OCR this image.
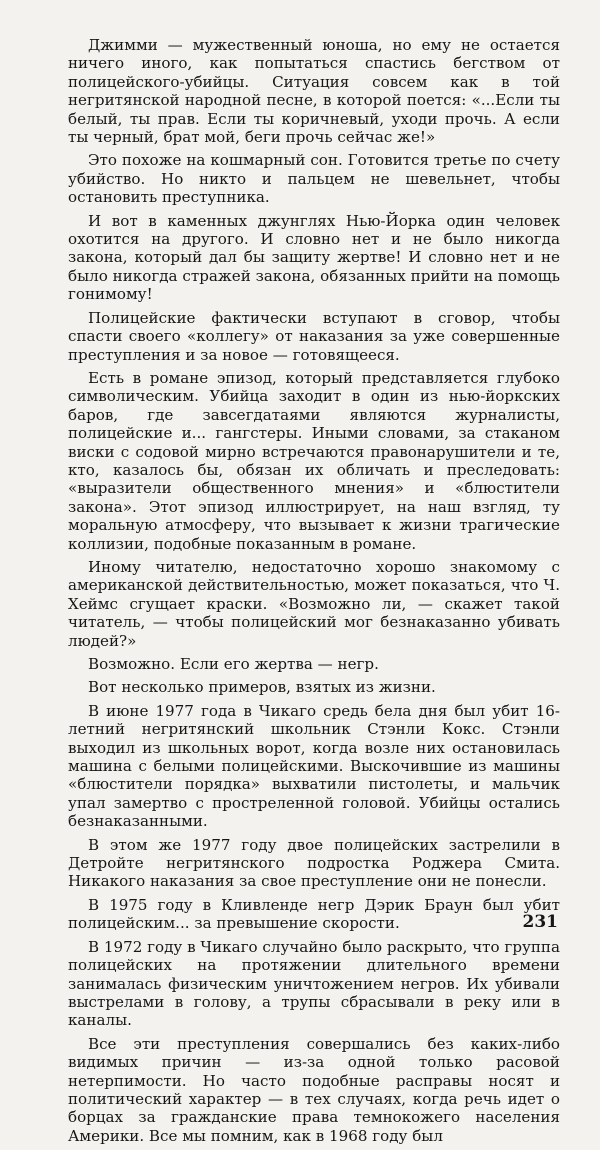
Джимми — мужественный юноша, но ему не остается ничего иного, как попытаться спастись бегством от полицейского-убийцы. Ситуация совсем как в той негритянской народной песне, в которой поется: «...Если ты белый, ты прав. Если ты коричневый, уходи прочь. А если ты черный, брат мой, беги прочь сейчас же!»

Это похоже на кошмарный сон. Готовится третье по счету убийство. Но никто и пальцем не шевельнет, чтобы остановить преступника.

И вот в каменных джунглях Нью-Йорка один человек охотится на другого. И словно нет и не было никогда закона, который дал бы защиту жертве! И словно нет и не было никогда стражей закона, обязанных прийти на помощь гонимому!

Полицейские фактически вступают в сговор, чтобы спасти своего «коллегу» от наказания за уже совершенные преступления и за новое — готовящееся.

Есть в романе эпизод, который представляется глубоко символическим. Убийца заходит в один из нью-йоркских баров, где завсегдатаями являются журналисты, полицейские и... гангстеры. Иными словами, за стаканом виски с содовой мирно встречаются правонарушители и те, кто, казалось бы, обязан их обличать и преследовать: «выразители общественного мнения» и «блюстители закона». Этот эпизод иллюстрирует, на наш взгляд, ту моральную атмосферу, что вызывает к жизни трагические коллизии, подобные показанным в романе.

Иному читателю, недостаточно хорошо знакомому с американской действительностью, может показаться, что Ч. Хеймс сгущает краски. «Возможно ли, — скажет такой читатель, — чтобы полицейский мог безнаказанно убивать людей?»

Возможно. Если его жертва — негр.

Вот несколько примеров, взятых из жизни.

В июне 1977 года в Чикаго средь бела дня был убит 16-летний негритянский школьник Стэнли Кокс. Стэнли выходил из школьных ворот, когда возле них остановилась машина с белыми полицейскими. Выскочившие из машины «блюстители порядка» выхватили пистолеты, и мальчик упал замертво с простреленной головой. Убийцы остались безнаказанными.

В этом же 1977 году двое полицейских застрелили в Детройте негритянского подростка Роджера Смита. Никакого наказания за свое преступление они не понесли.

В 1975 году в Кливленде негр Дэрик Браун был убит полицейским... за превышение скорости.

В 1972 году в Чикаго случайно было раскрыто, что группа полицейских на протяжении длительного времени занималась физическим уничтожением негров. Их убивали выстрелами в голову, а трупы сбрасывали в реку или в каналы.

Все эти преступления совершались без каких-либо видимых причин — из-за одной только расовой нетерпимости. Но часто подобные расправы носят и политический характер — в тех случаях, когда речь идет о борцах за гражданские права темнокожего населения Америки. Все мы помним, как в 1968 году был

231
